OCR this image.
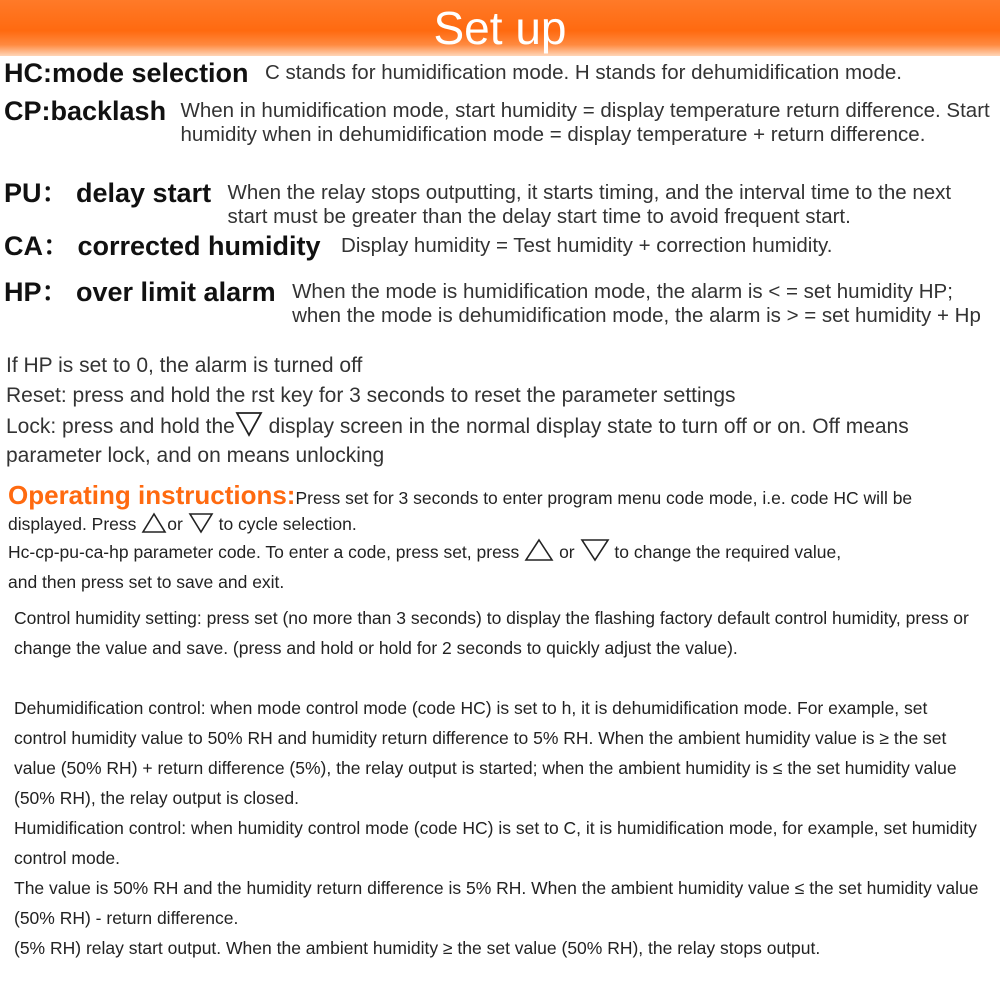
Set up
HC:mode selection C stands for humidification mode. H stands for dehumidification mode.
CP:backlash When in humidification mode, start humidity = display temperature return difference. Start humidity when in dehumidification mode = display temperature + return difference.
PU： delay start When the relay stops outputting, it starts timing, and the interval time to the next start must be greater than the delay start time to avoid frequent start.
CA： corrected humidity Display humidity = Test humidity + correction humidity.
HP： over limit alarm When the mode is humidification mode, the alarm is < = set humidity HP; when the mode is dehumidification mode, the alarm is > = set humidity + Hp
If HP is set to 0, the alarm is turned off
Reset: press and hold the rst key for 3 seconds to reset the parameter settings
Lock: press and hold the display screen in the normal display state to turn off or on. Off means
parameter lock, and on means unlocking
Operating instructions:Press set for 3 seconds to enter program menu code mode, i.e. code HC will be displayed. Press or to cycle selection.
Hc-cp-pu-ca-hp parameter code. To enter a code, press set, press or to change the required value,
and then press set to save and exit.
Control humidity setting: press set (no more than 3 seconds) to display the flashing factory default control humidity, press or change the value and save. (press and hold or hold for 2 seconds to quickly adjust the value).
Dehumidification control: when mode control mode (code HC) is set to h, it is dehumidification mode. For example, set control humidity value to 50% RH and humidity return difference to 5% RH. When the ambient humidity value is ≥ the set value (50% RH) + return difference (5%), the relay output is started; when the ambient humidity is ≤ the set humidity value (50% RH), the relay output is closed.
Humidification control: when humidity control mode (code HC) is set to C, it is humidification mode, for example, set humidity control mode.
The value is 50% RH and the humidity return difference is 5% RH. When the ambient humidity value ≤ the set humidity value (50% RH) - return difference.
(5% RH) relay start output. When the ambient humidity ≥ the set value (50% RH), the relay stops output.
